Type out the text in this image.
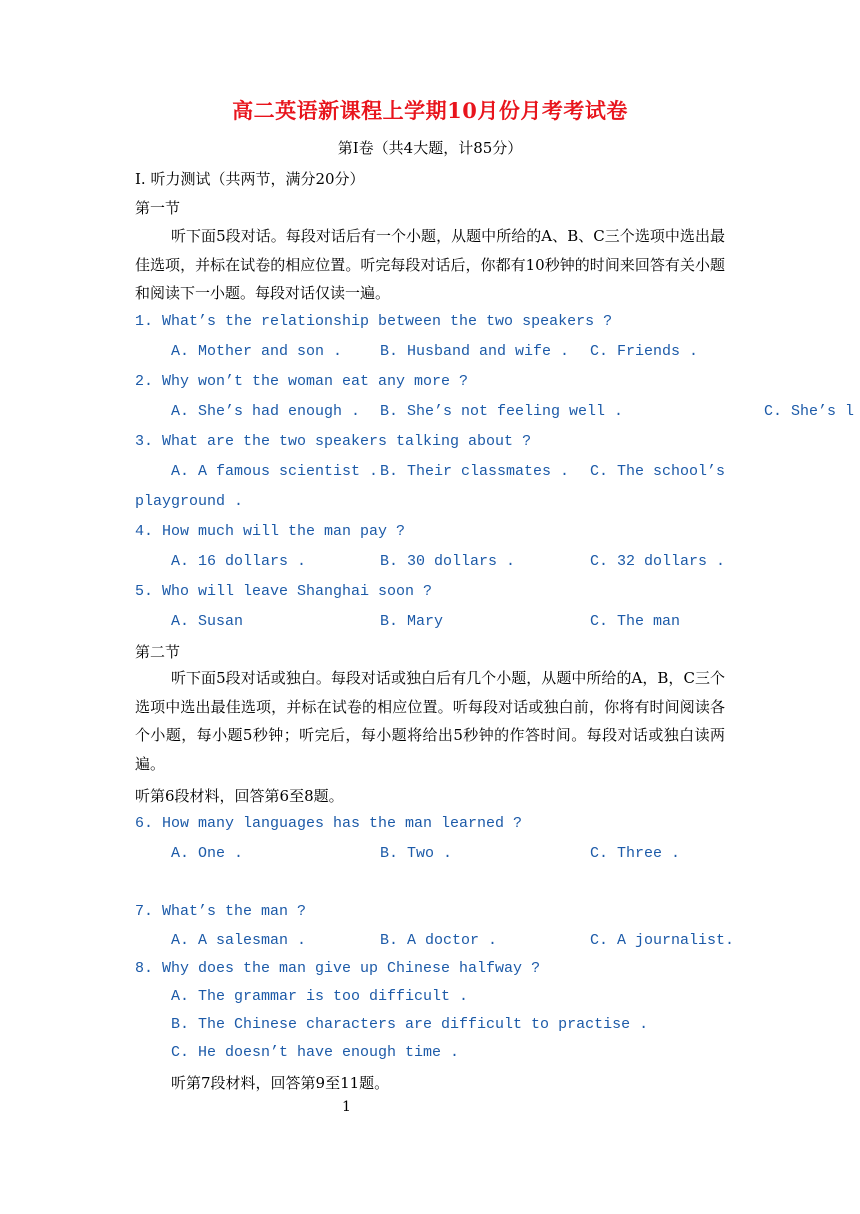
高二英语新课程上学期10月份月考考试卷
第Ⅰ卷（共4大题，计85分）
I. 听力测试（共两节，满分20分）
第一节
听下面5段对话。每段对话后有一个小题，从题中所给的A、B、C三个选项中选出最佳选项，并标在试卷的相应位置。听完每段对话后，你都有10秒钟的时间来回答有关小题和阅读下一小题。每段对话仅读一遍。
1. What’s the relationship between the two speakers ?
A. Mother and son .	B. Husband and wife . C. Friends .
2. Why won’t the woman eat any more ?
A. She’s had enough . B. She’s not feeling well .	C. She’s l
3. What are the two speakers talking about ?
A. A famous scientist . B. Their classmates . C. The school’s
playground .
4. How much will the man pay ?
A. 16 dollars .	B. 30 dollars .	C. 32 dollars .
5. Who will leave Shanghai soon ?
A. Susan	B. Mary	C. The man
第二节
听下面5段对话或独白。每段对话或独白后有几个小题，从题中所给的A，B，C三个选项中选出最佳选项，并标在试卷的相应位置。听每段对话或独白前，你将有时间阅读各个小题，每小题5秒钟；听完后，每小题将给出5秒钟的作答时间。每段对话或独白读两遍。
听第6段材料，回答第6至8题。
6. How many languages has the man learned ?
A. One .	B. Two .	C. Three .
7. What’s the man ?
A. A salesman .	B. A doctor .	C. A journalist.
8. Why does the man give up Chinese halfway ?
A. The grammar is too difficult .
B. The Chinese characters are difficult to practise .
C. He doesn’t have enough time .
听第7段材料，回答第9至11题。
1
